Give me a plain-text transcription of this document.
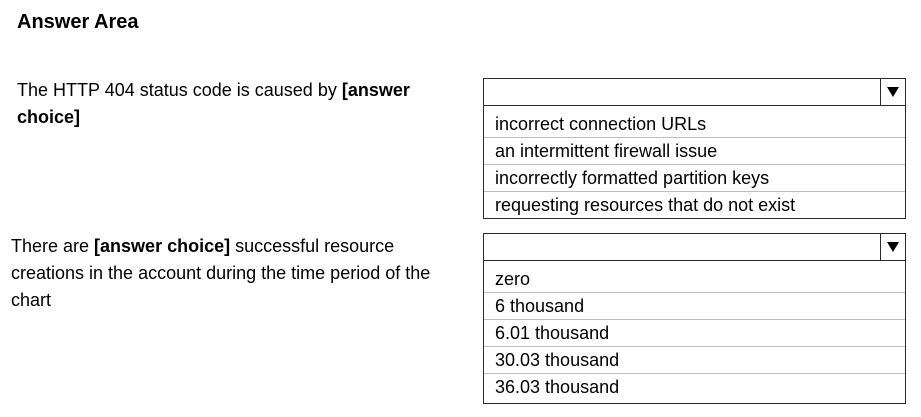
Answer Area
The HTTP 404 status code is caused by [answer choice]	incorrect connection URLs
an intermittent firewall issue
incorrectly formatted partition keys
requesting resources that do not exist
There are [answer choice] successful resource creations in the account during the time period of the chart
zero
6 thousand
6.01 thousand
30.03 thousand
36.03 thousand
